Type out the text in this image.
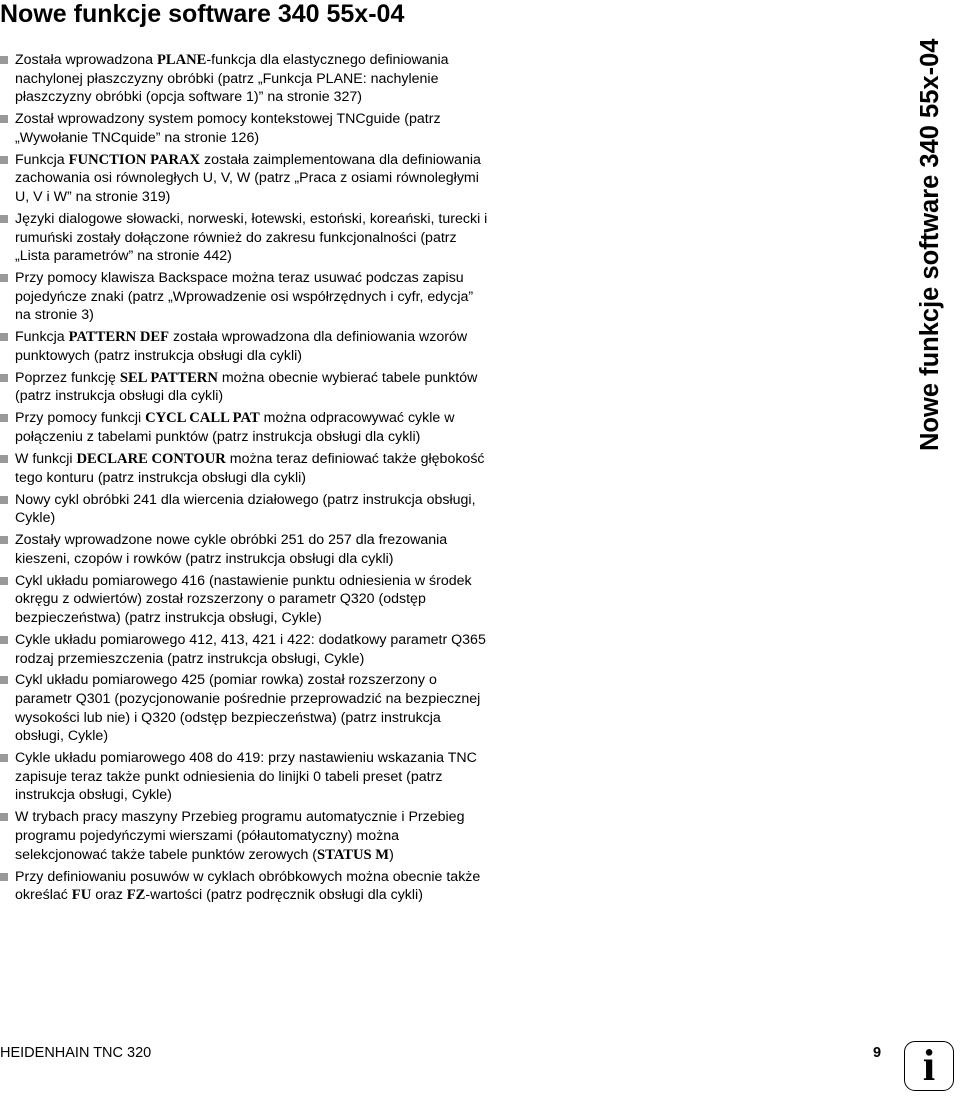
Nowe funkcje software 340 55x-04
Została wprowadzona PLANE-funkcja dla elastycznego definiowania nachylonej płaszczyzny obróbki (patrz „Funkcja PLANE: nachylenie płaszczyzny obróbki (opcja software 1)” na stronie 327)
Został wprowadzony system pomocy kontekstowej TNCguide (patrz „Wywołanie TNCquide” na stronie 126)
Funkcja FUNCTION PARAX została zaimplementowana dla definiowania zachowania osi równoległych U, V, W (patrz „Praca z osiami równoległymi U, V i W” na stronie 319)
Języki dialogowe słowacki, norweski, łotewski, estoński, koreański, turecki i rumuński zostały dołączone również do zakresu funkcjonalności (patrz „Lista parametrów” na stronie 442)
Przy pomocy klawisza Backspace można teraz usuwać podczas zapisu pojedyńcze znaki (patrz „Wprowadzenie osi współrzędnych i cyfr, edycja” na stronie 3)
Funkcja PATTERN DEF została wprowadzona dla definiowania wzorów punktowych (patrz instrukcja obsługi dla cykli)
Poprzez funkcję SEL PATTERN można obecnie wybierać tabele punktów (patrz instrukcja obsługi dla cykli)
Przy pomocy funkcji CYCL CALL PAT można odpracowywać cykle w połączeniu z tabelami punktów (patrz instrukcja obsługi dla cykli)
W funkcji DECLARE CONTOUR można teraz definiować także głębokość tego konturu (patrz instrukcja obsługi dla cykli)
Nowy cykl obróbki 241 dla wiercenia działowego (patrz instrukcja obsługi, Cykle)
Zostały wprowadzone nowe cykle obróbki 251 do 257 dla frezowania kieszeni, czopów i rowków (patrz instrukcja obsługi dla cykli)
Cykl układu pomiarowego 416 (nastawienie punktu odniesienia w środek okręgu z odwiertów) został rozszerzony o parametr Q320 (odstęp bezpieczeństwa) (patrz instrukcja obsługi, Cykle)
Cykle układu pomiarowego 412, 413, 421 i 422: dodatkowy parametr Q365 rodzaj przemieszczenia (patrz instrukcja obsługi, Cykle)
Cykl układu pomiarowego 425 (pomiar rowka) został rozszerzony o parametr Q301 (pozycjonowanie pośrednie przeprowadzić na bezpiecznej wysokości lub nie) i Q320 (odstęp bezpieczeństwa) (patrz instrukcja obsługi, Cykle)
Cykle układu pomiarowego 408 do 419: przy nastawieniu wskazania TNC zapisuje teraz także punkt odniesienia do linijki 0 tabeli preset (patrz instrukcja obsługi, Cykle)
W trybach pracy maszyny Przebieg programu automatycznie i Przebieg programu pojedyńczymi wierszami (półautomatyczny) można selekcjonować także tabele punktów zerowych (STATUS M)
Przy definiowaniu posuwów w cyklach obróbkowych można obecnie także określać FU oraz FZ-wartości (patrz podręcznik obsługi dla cykli)
Nowe funkcje software 340 55x-04
HEIDENHAIN TNC 320	9 i
